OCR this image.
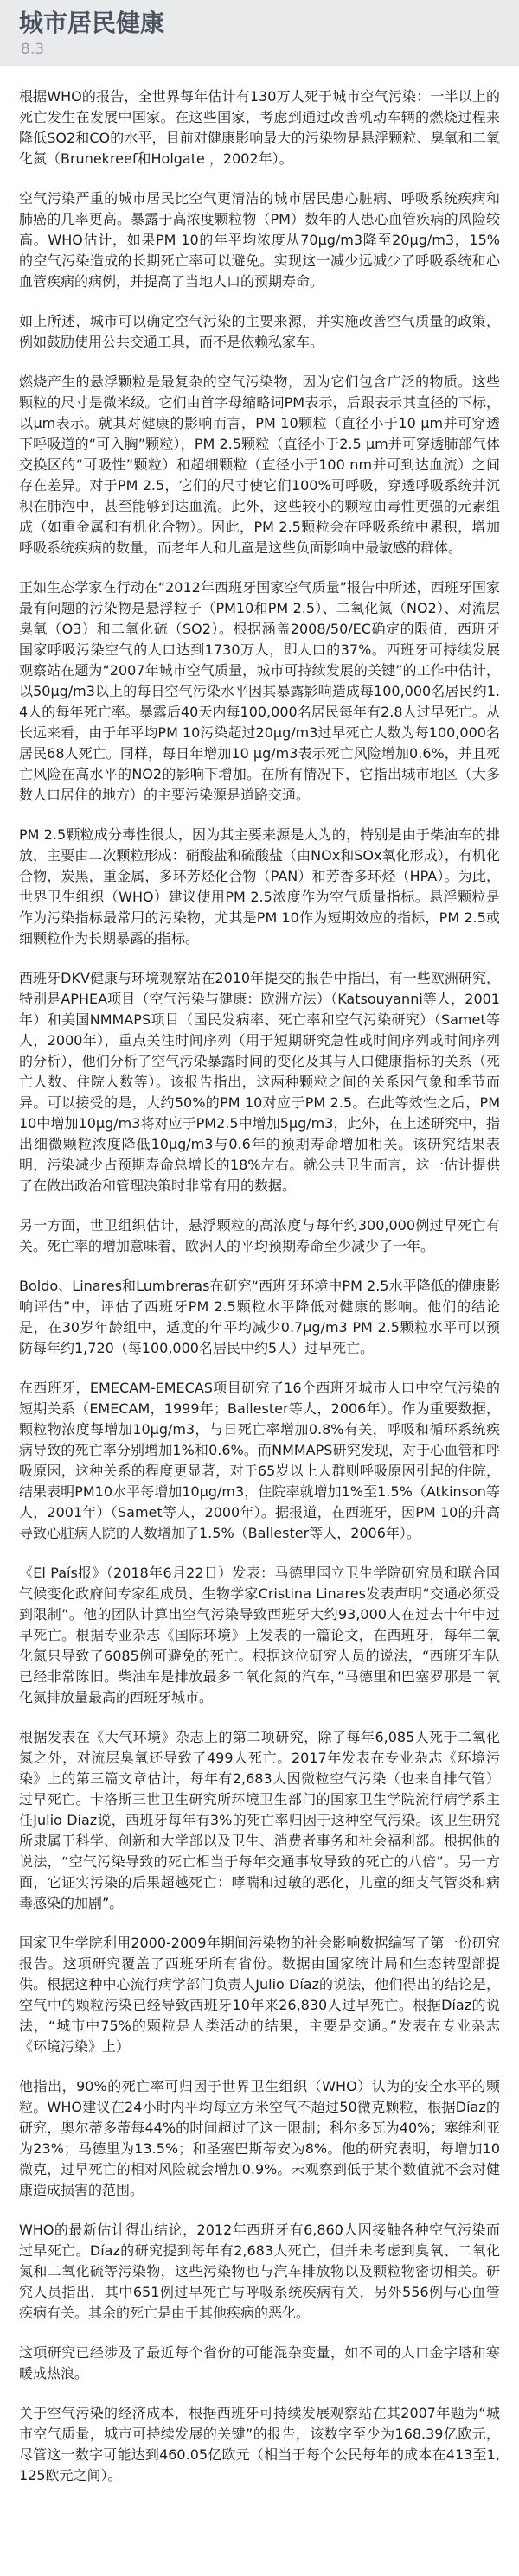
城市居民健康
8.3

根据WHO的报告，全世界每年估计有130万人死于城市空气污染：一半以上的死亡发生在发展中国家。在这些国家，考虑到通过改善机动车辆的燃烧过程来降低SO2和CO的水平，目前对健康影响最大的污染物是悬浮颗粒、臭氧和二氧化氮（Brunekreef和Holgate ，2002年）。

空气污染严重的城市居民比空气更清洁的城市居民患心脏病、呼吸系统疾病和肺癌的几率更高。暴露于高浓度颗粒物（PM）数年的人患心血管疾病的风险较高。WHO估计，如果PM 10的年平均浓度从70μg/m3降至20μg/m3，15%的空气污染造成的长期死亡率可以避免。实现这一减少远减少了呼吸系统和心血管疾病的病例，并提高了当地人口的预期寿命。

如上所述，城市可以确定空气污染的主要来源，并实施改善空气质量的政策，例如鼓励使用公共交通工具，而不是依赖私家车。

燃烧产生的悬浮颗粒是最复杂的空气污染物，因为它们包含广泛的物质。这些颗粒的尺寸是微米级。它们由首字母缩略词PM表示，后跟表示其直径的下标，以μm表示。就其对健康的影响而言，PM 10颗粒（直径小于10 μm并可穿透下呼吸道的“可入胸”颗粒），PM 2.5颗粒（直径小于2.5 μm并可穿透肺部气体交换区的“可吸性”颗粒）和超细颗粒（直径小于100 nm并可到达血流）之间存在差异。对于PM 2.5，它们的尺寸使它们100%可呼吸，穿透呼吸系统并沉积在肺泡中，甚至能够到达血流。此外，这些较小的颗粒由毒性更强的元素组成（如重金属和有机化合物）。因此，PM 2.5颗粒会在呼吸系统中累积，增加呼吸系统疾病的数量，而老年人和儿童是这些负面影响中最敏感的群体。

正如生态学家在行动在“2012年西班牙国家空气质量”报告中所述，西班牙国家最有问题的污染物是悬浮粒子（PM10和PM 2.5）、二氧化氮（NO2）、对流层臭氧（O3）和二氧化硫（SO2）。根据涵盖2008/50/EC确定的限值，西班牙国家呼吸污染空气的人口达到1730万人，即人口的37%。西班牙可持续发展观察站在题为“2007年城市空气质量，城市可持续发展的关键”的工作中估计，以50μg/m3以上的每日空气污染水平因其暴露影响造成每100,000名居民约1.4人的每年死亡率。暴露后40天内每100,000名居民每年有2.8人过早死亡。从长远来看，由于年平均PM 10污染超过20μg/m3过早死亡人数为每100,000名居民68人死亡。同样，每日年增加10 μg/m3表示死亡风险增加0.6%，并且死亡风险在高水平的NO2的影响下增加。在所有情况下，它指出城市地区（大多数人口居住的地方）的主要污染源是道路交通。

PM 2.5颗粒成分毒性很大，因为其主要来源是人为的，特别是由于柴油车的排放，主要由二次颗粒形成：硝酸盐和硫酸盐（由NOx和SOx氧化形成），有机化合物，炭黑，重金属，多环芳烃化合物（PAN）和芳香多环烃（HPA）。为此，世界卫生组织（WHO）建议使用PM 2.5浓度作为空气质量指标。悬浮颗粒是作为污染指标最常用的污染物，尤其是PM 10作为短期效应的指标，PM 2.5或细颗粒作为长期暴露的指标。

西班牙DKV健康与环境观察站在2010年提交的报告中指出，有一些欧洲研究，特别是APHEA项目（空气污染与健康：欧洲方法）（Katsouyanni等人，2001年）和美国NMMAPS项目（国民发病率、死亡率和空气污染研究）（Samet等人，2000年），重点关注时间序列（用于短期研究急性或时间序列或时间序列的分析），他们分析了空气污染暴露时间的变化及其与人口健康指标的关系（死亡人数、住院人数等）。该报告指出，这两种颗粒之间的关系因气象和季节而异。可以接受的是，大约50%的PM 10对应于PM 2.5。在此等效性之后，PM10中增加10μg/m3将对应于PM2.5中增加5μg/m3，此外，在上述研究中，指出细微颗粒浓度降低10μg/m3与0.6年的预期寿命增加相关。该研究结果表明，污染减少占预期寿命总增长的18%左右。就公共卫生而言，这一估计提供了在做出政治和管理决策时非常有用的数据。

另一方面，世卫组织估计，悬浮颗粒的高浓度与每年约300,000例过早死亡有关。死亡率的增加意味着，欧洲人的平均预期寿命至少减少了一年。

Boldo、Linares和Lumbreras在研究“西班牙环境中PM 2.5水平降低的健康影响评估”中，评估了西班牙PM 2.5颗粒水平降低对健康的影响。他们的结论是，在30岁年龄组中，适度的年平均减少0.7μg/m3 PM 2.5颗粒水平可以预防每年约1,720（每100,000名居民中约5人）过早死亡。

在西班牙，EMECAM-EMECAS项目研究了16个西班牙城市人口中空气污染的短期关系（EMECAM，1999年；Ballester等人，2006年）。作为重要数据，颗粒物浓度每增加10μg/m3，与日死亡率增加0.8%有关，呼吸和循环系统疾病导致的死亡率分别增加1%和0.6%。而NMMAPS研究发现，对于心血管和呼吸原因，这种关系的程度更显著，对于65岁以上人群则呼吸原因引起的住院，结果表明PM10水平每增加10μg/m3，住院率就增加1%至1.5%（Atkinson等人，2001年）（Samet等人，2000年）。据报道，在西班牙，因PM 10的升高导致心脏病人院的人数增加了1.5%（Ballester等人，2006年）。

《El País报》（2018年6月22日）发表：马德里国立卫生学院研究员和联合国气候变化政府间专家组成员、生物学家Cristina Linares发表声明“交通必须受到限制”。他的团队计算出空气污染导致西班牙大约93,000人在过去十年中过早死亡。根据专业杂志《国际环境》上发表的一篇论文，在西班牙，每年二氧化氮只导致了6085例可避免的死亡。根据这位研究人员的说法，“西班牙车队已经非常陈旧。柴油车是排放最多二氧化氮的汽车，”马德里和巴塞罗那是二氧化氮排放量最高的西班牙城市。

根据发表在《大气环境》杂志上的第二项研究，除了每年6,085人死于二氧化氮之外，对流层臭氧还导致了499人死亡。2017年发表在专业杂志《环境污染》上的第三篇文章估计，每年有2,683人因微粒空气污染（也来自排气管）过早死亡。卡洛斯三世卫生研究所环境卫生部门的国家卫生学院流行病学系主任Julio Díaz说，西班牙每年有3%的死亡率归因于这种空气污染。该卫生研究所隶属于科学、创新和大学部以及卫生、消费者事务和社会福利部。根据他的说法，“空气污染导致的死亡相当于每年交通事故导致的死亡的八倍”。另一方面，它证实污染的后果超越死亡：哮喘和过敏的恶化，儿童的细支气管炎和病毒感染的加剧”。

国家卫生学院利用2000-2009年期间污染物的社会影响数据编写了第一份研究报告。这项研究覆盖了西班牙所有省份。数据由国家统计局和生态转型部提供。根据这种中心流行病学部门负责人Julio Díaz的说法，他们得出的结论是，空气中的颗粒污染已经导致西班牙10年来26,830人过早死亡。根据Díaz的说法，“城市中75%的颗粒是人类活动的结果，主要是交通。”发表在专业杂志《环境污染》上）

他指出，90%的死亡率可归因于世界卫生组织（WHO）认为的安全水平的颗粒。WHO建议在24小时内平均每立方米空气不超过50微克颗粒，根据Díaz的研究，奥尔蒂多蒂每44%的时间超过了这一限制；科尔多瓦为40%；塞维利亚为23%；马德里为13.5%；和圣塞巴斯蒂安为8%。他的研究表明，每增加10微克，过早死亡的相对风险就会增加0.9%。未观察到低于某个数值就不会对健康造成损害的范围。

WHO的最新估计得出结论，2012年西班牙有6,860人因接触各种空气污染而过早死亡。Díaz的研究提到每年有2,683人死亡，但并未考虑到臭氧、二氧化氮和二氧化硫等污染物，这些污染物也与汽车排放物以及颗粒物密切相关。研究人员指出，其中651例过早死亡与呼吸系统疾病有关，另外556例与心血管疾病有关。其余的死亡是由于其他疾病的恶化。

这项研究已经涉及了最近每个省份的可能混杂变量，如不同的人口金字塔和寒暖成热浪。

关于空气污染的经济成本，根据西班牙可持续发展观察站在其2007年题为“城市空气质量，城市可持续发展的关键”的报告，该数字至少为168.39亿欧元，尽管这一数字可能达到460.05亿欧元（相当于每个公民每年的成本在413至1,125欧元之间）。
